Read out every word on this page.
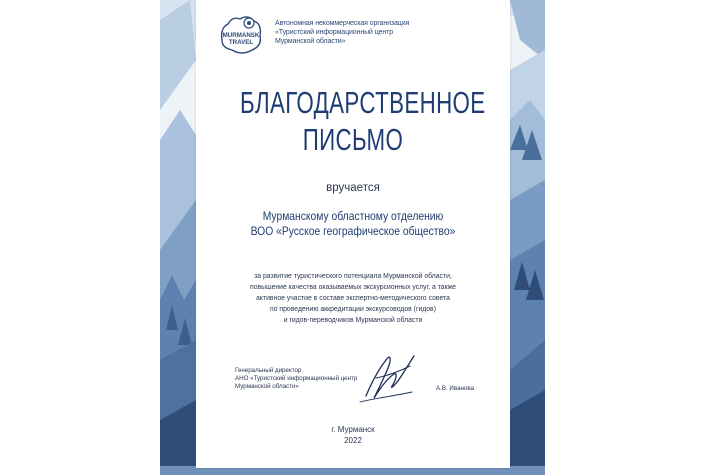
MURMANSK
TRAVEL
Автономная некоммерческая организация
«Туристский информационный центр
Мурманской области»
БЛАГОДАРСТВЕННОЕ
ПИСЬМО
вручается
Мурманскому областному отделению
ВОО «Русское географическое общество»
за развитие туристического потенциала Мурманской области,
повышение качества оказываемых экскурсионных услуг, а также
активное участие в составе экспертно-методического совета
по проведению аккредитации экскурсоводов (гидов)
и гидов-переводчиков Мурманской области
Генеральный директор
АНО «Туристский информационный центр
Мурманской области»	А.В. Иванова
г. Мурманск
2022
